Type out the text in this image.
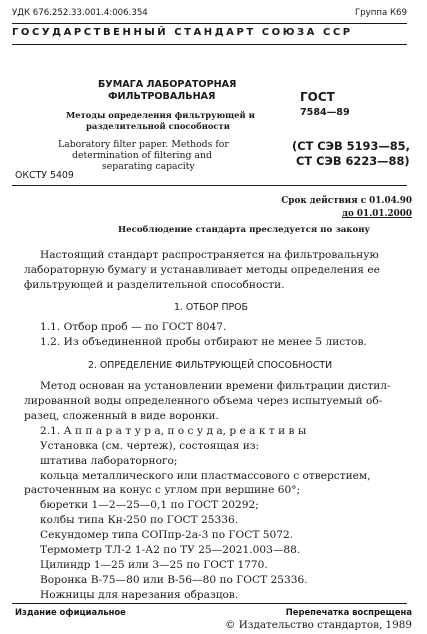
УДК 676.252.33.001.4:006.354	Группа К69
ГОСУДАРСТВЕННЫЙ СТАНДАРТ СОЮЗА ССР
БУМАГА ЛАБОРАТОРНАЯ
ФИЛЬТРОВАЛЬНАЯ
Методы определения фильтрующей и
разделительной способности
Laboratory filter paper. Methods for
determination of filtering and
separating capacity
ОКСТУ 5409
ГОСТ
7584—89
(СТ СЭВ 5193—85,
СТ СЭВ 6223—88)
Срок действия с 01.04.90
до 01.01.2000
Несоблюдение стандарта преследуется по закону
Настоящий стандарт распространяется на фильтровальную
лабораторную бумагу и устанавливает методы определения ее
фильтрующей и разделительной способности.
1. ОТБОР ПРОБ
1.1. Отбор проб — по ГОСТ 8047.
1.2. Из объединенной пробы отбирают не менее 5 листов.
2. ОПРЕДЕЛЕНИЕ ФИЛЬТРУЮЩЕЙ СПОСОБНОСТИ
Метод основан на установлении времени фильтрации дистил-
лированной воды определенного объема через испытуемый об-
разец, сложенный в виде воронки.
2.1. А п п а р а т у р а, п о с у д а, р е а к т и в ы
Установка (см. чертеж), состоящая из:
штатива лабораторного;
кольца металлического или пластмассового с отверстием,
расточенным на конус с углом при вершине 60°;
бюретки 1—2—25—0,1 по ГОСТ 20292;
колбы типа Кн-250 по ГОСТ 25336.
Секундомер типа СОПпр-2а-3 по ГОСТ 5072.
Термометр ТЛ-2 1-А2 по ТУ 25—2021.003—88.
Цилиндр 1—25 или 3—25 по ГОСТ 1770.
Воронка В-75—80 или В-56—80 по ГОСТ 25336.
Ножницы для нарезания образцов.
Издание официальное	Перепечатка воспрещена
© Издательство стандартов, 1989
